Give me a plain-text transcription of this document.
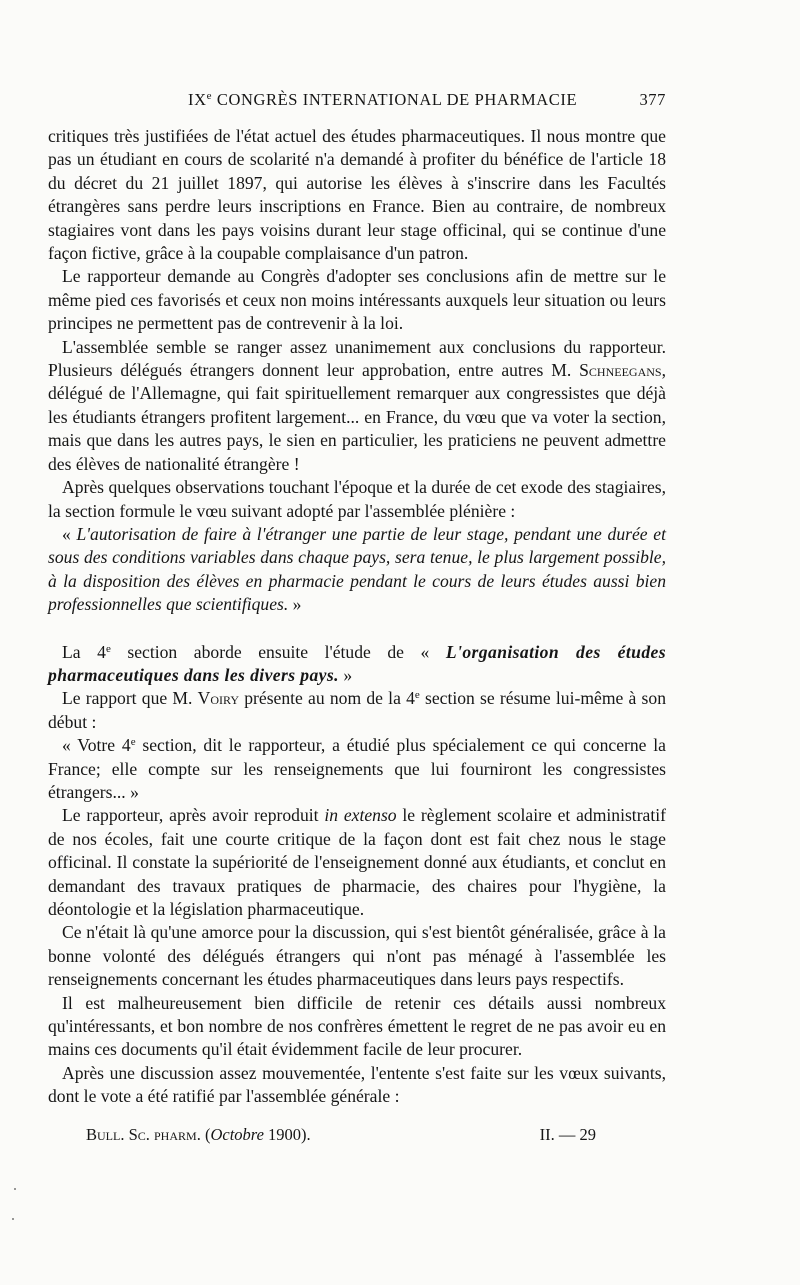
IXe CONGRÈS INTERNATIONAL DE PHARMACIE	377

critiques très justifiées de l'état actuel des études pharmaceutiques. Il nous montre que pas un étudiant en cours de scolarité n'a demandé à profiter du bénéfice de l'article 18 du décret du 21 juillet 1897, qui autorise les élèves à s'inscrire dans les Facultés étrangères sans perdre leurs inscriptions en France. Bien au contraire, de nombreux stagiaires vont dans les pays voisins durant leur stage officinal, qui se continue d'une façon fictive, grâce à la coupable complaisance d'un patron.

Le rapporteur demande au Congrès d'adopter ses conclusions afin de mettre sur le même pied ces favorisés et ceux non moins intéressants auxquels leur situation ou leurs principes ne permettent pas de contrevenir à la loi.

L'assemblée semble se ranger assez unanimement aux conclusions du rapporteur. Plusieurs délégués étrangers donnent leur approbation, entre autres M. Schneegans, délégué de l'Allemagne, qui fait spirituellement remarquer aux congressistes que déjà les étudiants étrangers profitent largement... en France, du vœu que va voter la section, mais que dans les autres pays, le sien en particulier, les praticiens ne peuvent admettre des élèves de nationalité étrangère !

Après quelques observations touchant l'époque et la durée de cet exode des stagiaires, la section formule le vœu suivant adopté par l'assemblée plénière :

« L'autorisation de faire à l'étranger une partie de leur stage, pendant une durée et sous des conditions variables dans chaque pays, sera tenue, le plus largement possible, à la disposition des élèves en pharmacie pendant le cours de leurs études aussi bien professionnelles que scientifiques. »

La 4e section aborde ensuite l'étude de « L'organisation des études pharmaceutiques dans les divers pays. »

Le rapport que M. Voiry présente au nom de la 4e section se résume lui-même à son début :

« Votre 4e section, dit le rapporteur, a étudié plus spécialement ce qui concerne la France; elle compte sur les renseignements que lui fourniront les congressistes étrangers... »

Le rapporteur, après avoir reproduit in extenso le règlement scolaire et administratif de nos écoles, fait une courte critique de la façon dont est fait chez nous le stage officinal. Il constate la supériorité de l'enseignement donné aux étudiants, et conclut en demandant des travaux pratiques de pharmacie, des chaires pour l'hygiène, la déontologie et la législation pharmaceutique.

Ce n'était là qu'une amorce pour la discussion, qui s'est bientôt généralisée, grâce à la bonne volonté des délégués étrangers qui n'ont pas ménagé à l'assemblée les renseignements concernant les études pharmaceutiques dans leurs pays respectifs.

Il est malheureusement bien difficile de retenir ces détails aussi nombreux qu'intéressants, et bon nombre de nos confrères émettent le regret de ne pas avoir eu en mains ces documents qu'il était évidemment facile de leur procurer.

Après une discussion assez mouvementée, l'entente s'est faite sur les vœux suivants, dont le vote a été ratifié par l'assemblée générale :

Bull. Sc. pharm. (Octobre 1900).	II. — 29
